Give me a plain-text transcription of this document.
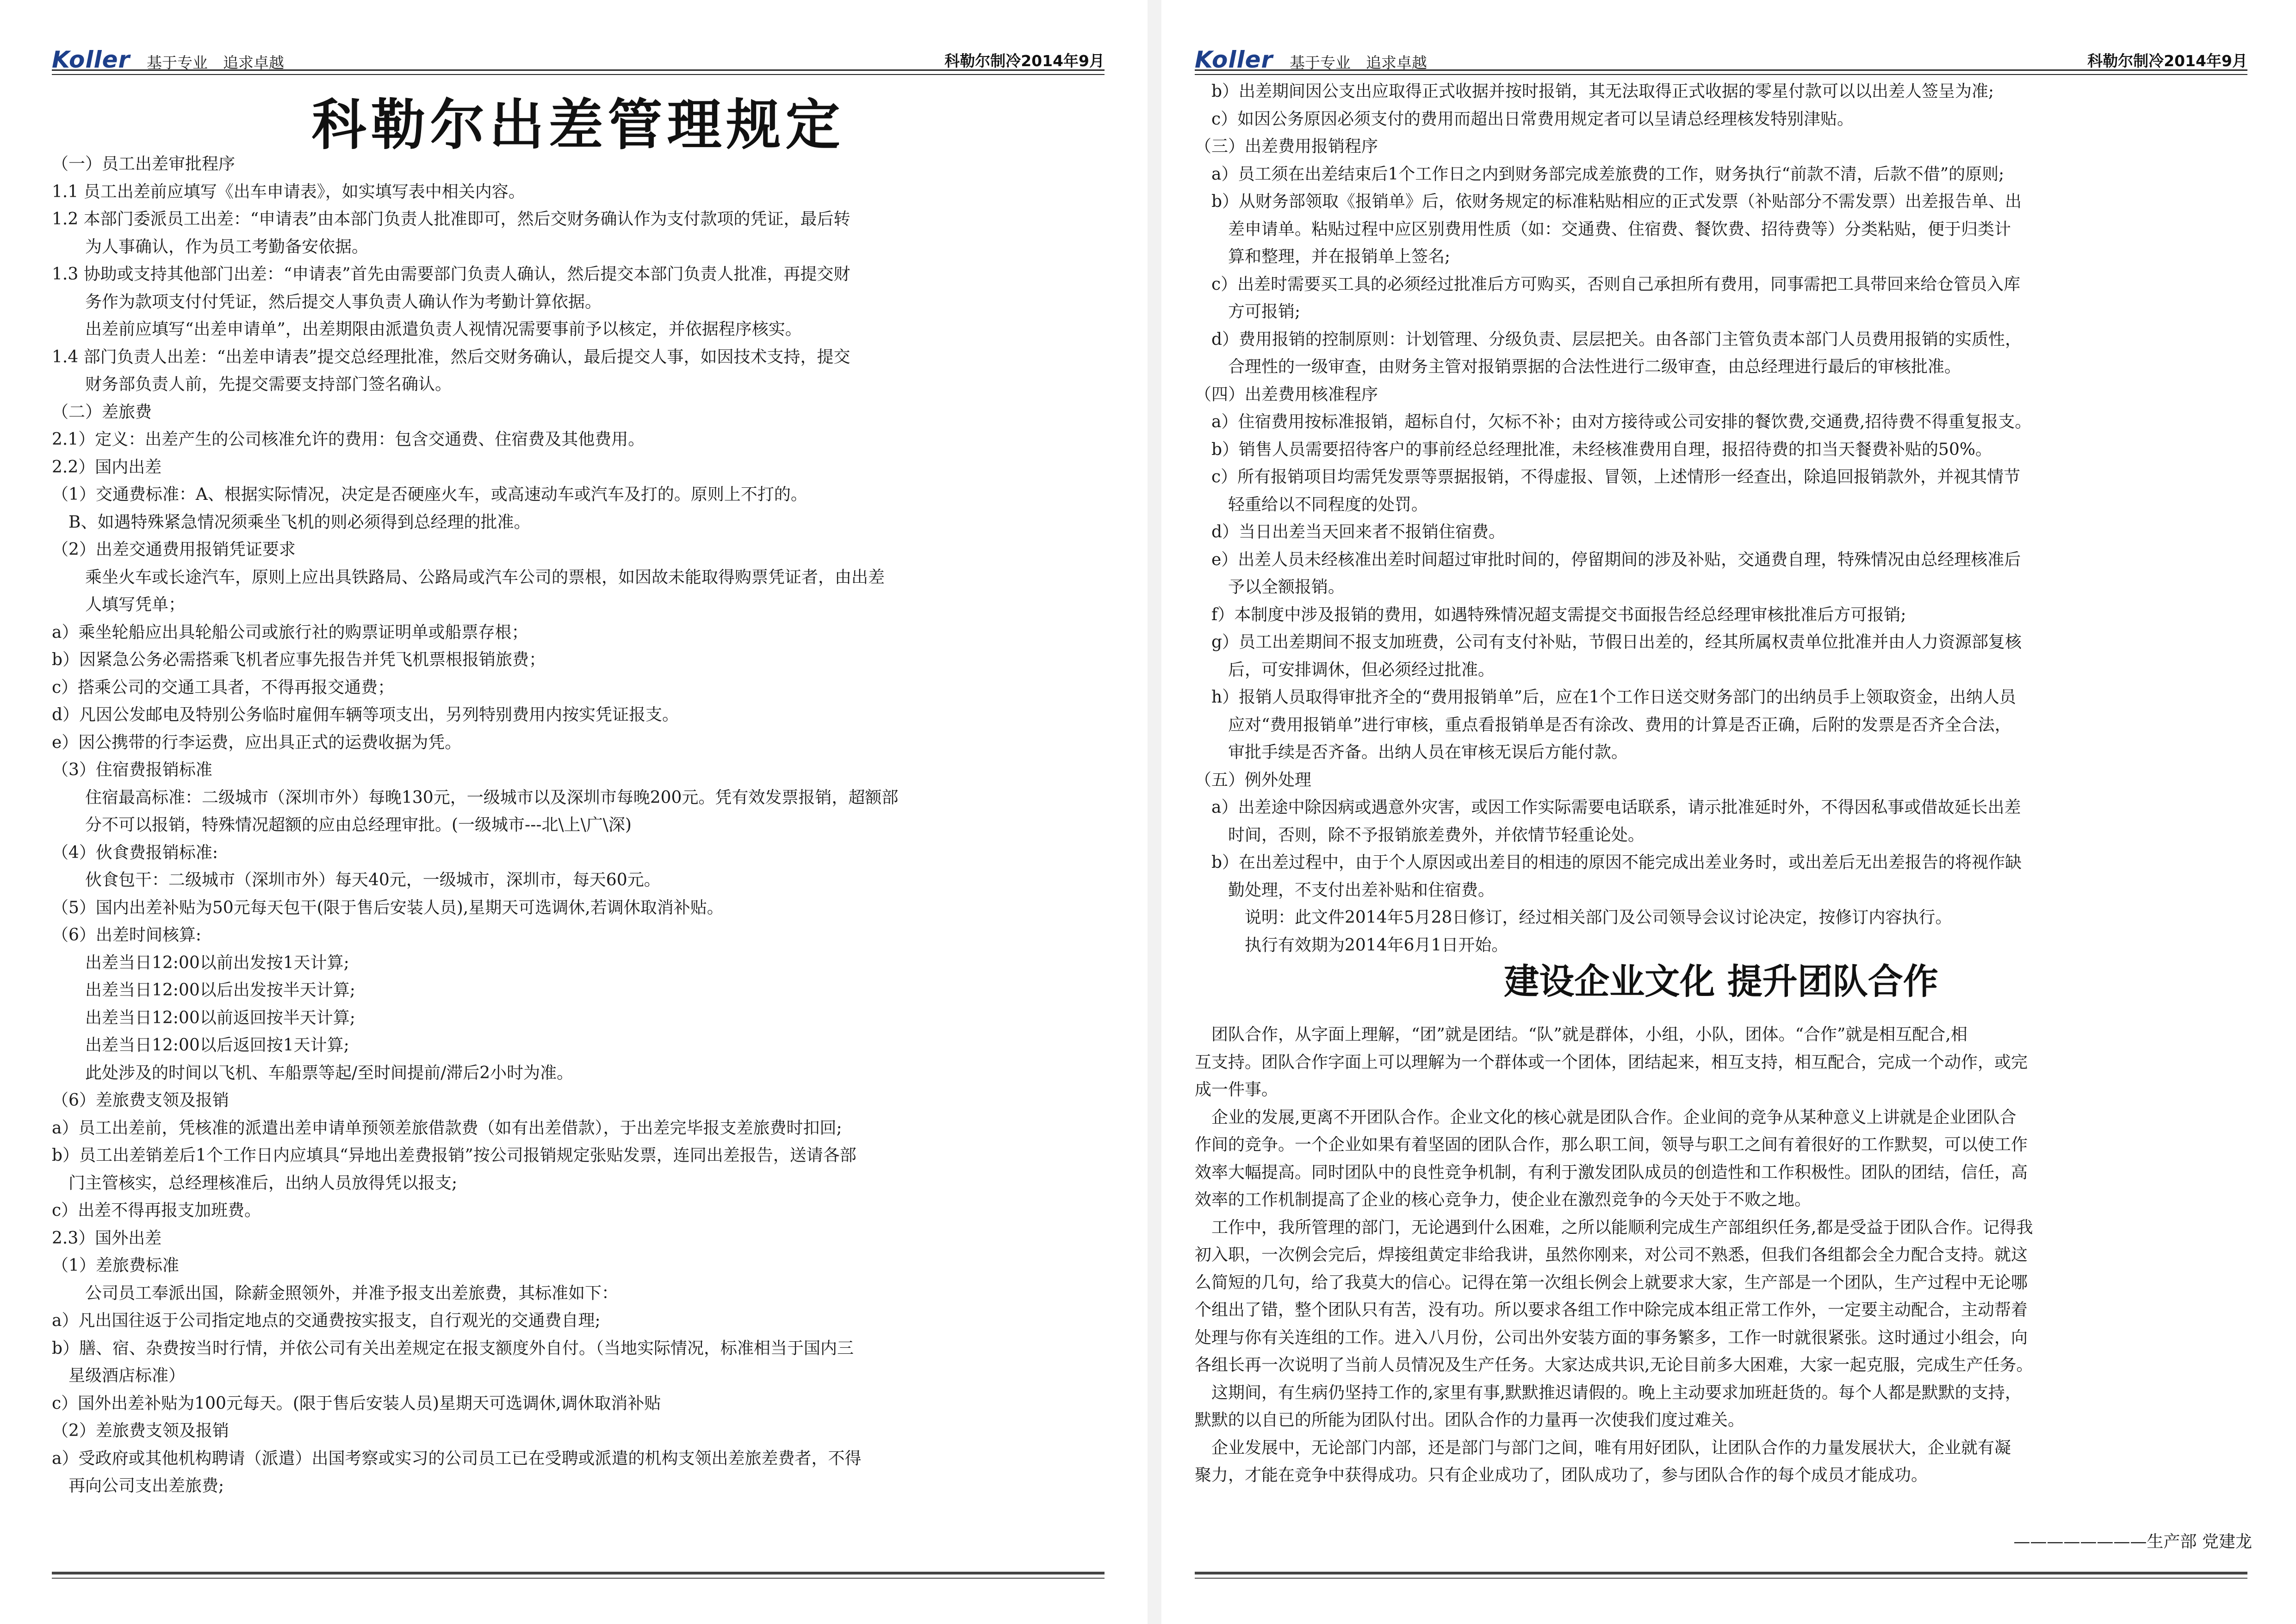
Koller 基于专业　追求卓越	科勒尔制冷2014年9月
科勒尔出差管理规定
（一）员工出差审批程序
1.1 员工出差前应填写《出车申请表》，如实填写表中相关内容。
1.2 本部门委派员工出差：“申请表”由本部门负责人批准即可，然后交财务确认作为支付款项的凭证，最后转
为人事确认，作为员工考勤备安依据。
1.3 协助或支持其他部门出差：“申请表”首先由需要部门负责人确认，然后提交本部门负责人批准，再提交财
务作为款项支付付凭证，然后提交人事负责人确认作为考勤计算依据。
出差前应填写“出差申请单”，出差期限由派遣负责人视情况需要事前予以核定，并依据程序核实。
1.4 部门负责人出差：“出差申请表”提交总经理批准，然后交财务确认，最后提交人事，如因技术支持，提交
财务部负责人前，先提交需要支持部门签名确认。
（二）差旅费
2.1）定义：出差产生的公司核准允许的费用：包含交通费、住宿费及其他费用。
2.2）国内出差
（1）交通费标准：A、根据实际情况，决定是否硬座火车，或高速动车或汽车及打的。原则上不打的。
B、如遇特殊紧急情况须乘坐飞机的则必须得到总经理的批准。
（2）出差交通费用报销凭证要求
乘坐火车或长途汽车，原则上应出具铁路局、公路局或汽车公司的票根，如因故未能取得购票凭证者，由出差
人填写凭单；
a）乘坐轮船应出具轮船公司或旅行社的购票证明单或船票存根；
b）因紧急公务必需搭乘飞机者应事先报告并凭飞机票根报销旅费；
c）搭乘公司的交通工具者，不得再报交通费；
d）凡因公发邮电及特别公务临时雇佣车辆等项支出，另列特别费用内按实凭证报支。
e）因公携带的行李运费，应出具正式的运费收据为凭。
（3）住宿费报销标准
住宿最高标准：二级城市（深圳市外）每晚130元，一级城市以及深圳市每晚200元。凭有效发票报销，超额部
分不可以报销，特殊情况超额的应由总经理审批。(一级城市---北\上\广\深)
（4）伙食费报销标准:
伙食包干：二级城市（深圳市外）每天40元，一级城市，深圳市，每天60元。
（5）国内出差补贴为50元每天包干(限于售后安装人员),星期天可选调休,若调休取消补贴。
（6）出差时间核算:
出差当日12:00以前出发按1天计算;
出差当日12:00以后出发按半天计算;
出差当日12:00以前返回按半天计算;
出差当日12:00以后返回按1天计算;
此处涉及的时间以飞机、车船票等起/至时间提前/滞后2小时为准。
（6）差旅费支领及报销
a）员工出差前，凭核准的派遣出差申请单预领差旅借款费（如有出差借款），于出差完毕报支差旅费时扣回;
b）员工出差销差后1个工作日内应填具“异地出差费报销”按公司报销规定张贴发票，连同出差报告，送请各部
门主管核实，总经理核准后，出纳人员放得凭以报支;
c）出差不得再报支加班费。
2.3）国外出差
（1）差旅费标准
公司员工奉派出国，除薪金照领外，并准予报支出差旅费，其标准如下：
a）凡出国往返于公司指定地点的交通费按实报支，自行观光的交通费自理;
b）膳、宿、杂费按当时行情，并依公司有关出差规定在报支额度外自付。（当地实际情况，标准相当于国内三
星级酒店标准）
c）国外出差补贴为100元每天。(限于售后安装人员)星期天可选调休,调休取消补贴
（2）差旅费支领及报销
a）受政府或其他机构聘请（派遣）出国考察或实习的公司员工已在受聘或派遣的机构支领出差旅差费者，不得
再向公司支出差旅费;
Koller 基于专业　追求卓越	科勒尔制冷2014年9月
b）出差期间因公支出应取得正式收据并按时报销，其无法取得正式收据的零星付款可以以出差人签呈为准;
c）如因公务原因必须支付的费用而超出日常费用规定者可以呈请总经理核发特别津贴。
（三）出差费用报销程序
a）员工须在出差结束后1个工作日之内到财务部完成差旅费的工作，财务执行“前款不清，后款不借”的原则;
b）从财务部领取《报销单》后，依财务规定的标准粘贴相应的正式发票（补贴部分不需发票）出差报告单、出
差申请单。粘贴过程中应区别费用性质（如：交通费、住宿费、餐饮费、招待费等）分类粘贴，便于归类计
算和整理，并在报销单上签名;
c）出差时需要买工具的必须经过批准后方可购买，否则自己承担所有费用，同事需把工具带回来给仓管员入库
方可报销;
d）费用报销的控制原则：计划管理、分级负责、层层把关。由各部门主管负责本部门人员费用报销的实质性，
合理性的一级审查，由财务主管对报销票据的合法性进行二级审查，由总经理进行最后的审核批准。
（四）出差费用核准程序
a）住宿费用按标准报销，超标自付，欠标不补；由对方接待或公司安排的餐饮费,交通费,招待费不得重复报支。
b）销售人员需要招待客户的事前经总经理批准，未经核准费用自理，报招待费的扣当天餐费补贴的50%。
c）所有报销项目均需凭发票等票据报销，不得虚报、冒领，上述情形一经查出，除追回报销款外，并视其情节
轻重给以不同程度的处罚。
d）当日出差当天回来者不报销住宿费。
e）出差人员未经核准出差时间超过审批时间的，停留期间的涉及补贴，交通费自理，特殊情况由总经理核准后
予以全额报销。
f）本制度中涉及报销的费用，如遇特殊情况超支需提交书面报告经总经理审核批准后方可报销;
g）员工出差期间不报支加班费，公司有支付补贴，节假日出差的，经其所属权责单位批准并由人力资源部复核
后，可安排调休，但必须经过批准。
h）报销人员取得审批齐全的“费用报销单”后，应在1个工作日送交财务部门的出纳员手上领取资金，出纳人员
应对“费用报销单”进行审核，重点看报销单是否有涂改、费用的计算是否正确，后附的发票是否齐全合法，
审批手续是否齐备。出纳人员在审核无误后方能付款。
（五）例外处理
a）出差途中除因病或遇意外灾害，或因工作实际需要电话联系，请示批准延时外，不得因私事或借故延长出差
时间，否则，除不予报销旅差费外，并依情节轻重论处。
b）在出差过程中，由于个人原因或出差目的相违的原因不能完成出差业务时，或出差后无出差报告的将视作缺
勤处理，不支付出差补贴和住宿费。
说明：此文件2014年5月28日修订，经过相关部门及公司领导会议讨论决定，按修订内容执行。
执行有效期为2014年6月1日开始。
建设企业文化 提升团队合作
团队合作，从字面上理解，“团”就是团结。“队”就是群体，小组，小队，团体。“合作”就是相互配合,相
互支持。团队合作字面上可以理解为一个群体或一个团体，团结起来，相互支持，相互配合，完成一个动作，或完
成一件事。
企业的发展,更离不开团队合作。企业文化的核心就是团队合作。企业间的竞争从某种意义上讲就是企业团队合
作间的竞争。一个企业如果有着坚固的团队合作，那么职工间，领导与职工之间有着很好的工作默契，可以使工作
效率大幅提高。同时团队中的良性竞争机制，有利于激发团队成员的创造性和工作积极性。团队的团结，信任，高
效率的工作机制提高了企业的核心竞争力，使企业在激烈竞争的今天处于不败之地。
工作中，我所管理的部门，无论遇到什么困难，之所以能顺利完成生产部组织任务,都是受益于团队合作。记得我
初入职，一次例会完后，焊接组黄定非给我讲，虽然你刚来，对公司不熟悉，但我们各组都会全力配合支持。就这
么简短的几句，给了我莫大的信心。记得在第一次组长例会上就要求大家，生产部是一个团队，生产过程中无论哪
个组出了错，整个团队只有苦，没有功。所以要求各组工作中除完成本组正常工作外，一定要主动配合，主动帮着
处理与你有关连组的工作。进入八月份，公司出外安装方面的事务繁多，工作一时就很紧张。这时通过小组会，向
各组长再一次说明了当前人员情况及生产任务。大家达成共识,无论目前多大困难，大家一起克服，完成生产任务。
这期间，有生病仍坚持工作的,家里有事,默默推迟请假的。晚上主动要求加班赶货的。每个人都是默默的支持，
默默的以自已的所能为团队付出。团队合作的力量再一次使我们度过难关。
企业发展中，无论部门内部，还是部门与部门之间，唯有用好团队，让团队合作的力量发展状大，企业就有凝
聚力，才能在竞争中获得成功。只有企业成功了，团队成功了，参与团队合作的每个成员才能成功。
————————生产部 党建龙
